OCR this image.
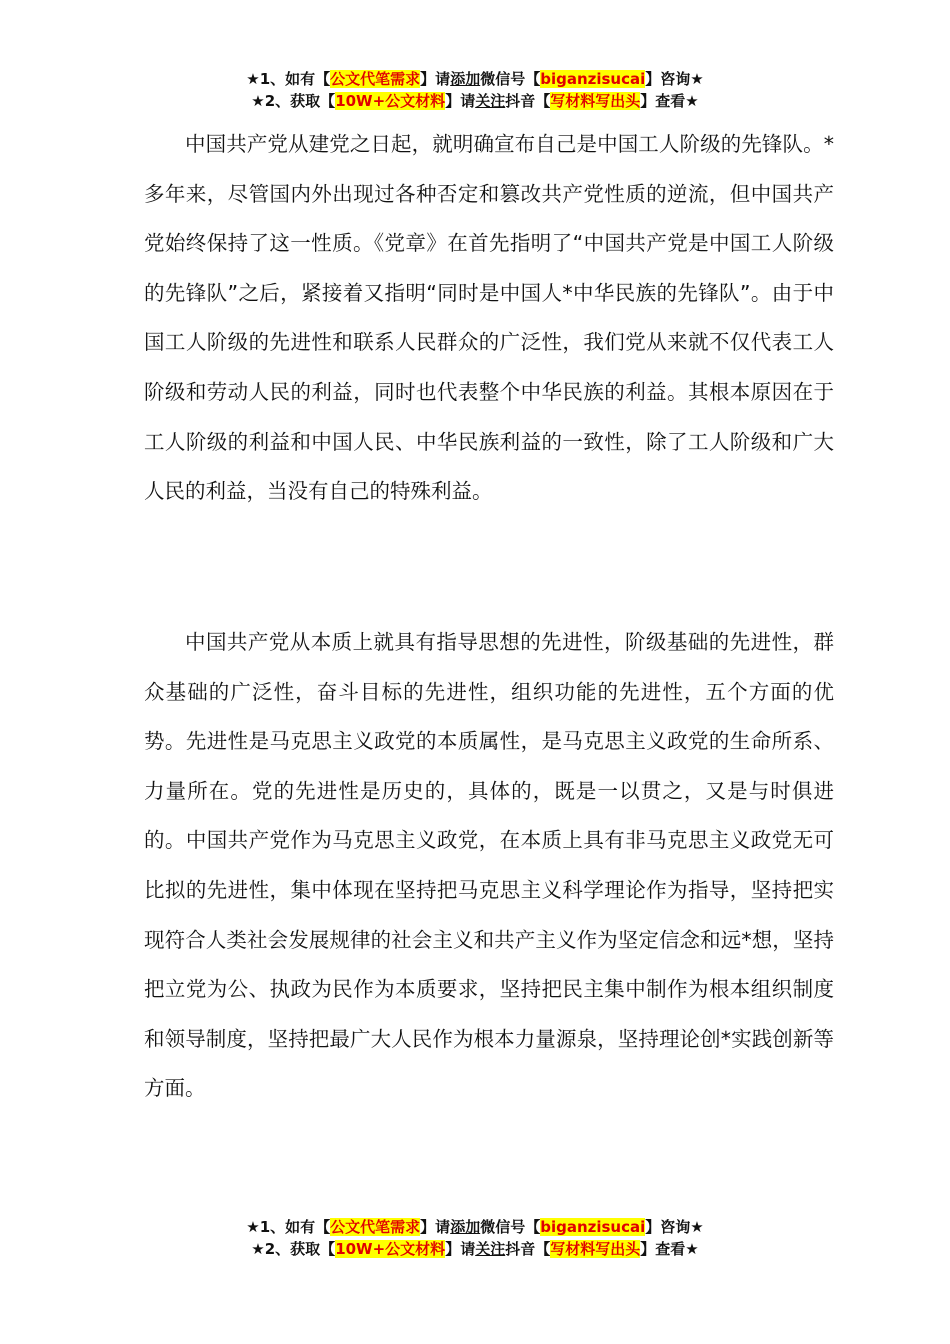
★1、如有【公文代笔需求】请添加微信号【biganzisucai】咨询★
★2、获取【10W+公文材料】请关注抖音【写材料写出头】查看★

中国共产党从建党之日起，就明确宣布自己是中国工人阶级的先锋队。*多年来，尽管国内外出现过各种否定和篡改共产党性质的逆流，但中国共产党始终保持了这一性质。《党章》在首先指明了“中国共产党是中国工人阶级的先锋队”之后，紧接着又指明“同时是中国人*中华民族的先锋队”。由于中国工人阶级的先进性和联系人民群众的广泛性，我们党从来就不仅代表工人阶级和劳动人民的利益，同时也代表整个中华民族的利益。其根本原因在于工人阶级的利益和中国人民、中华民族利益的一致性，除了工人阶级和广大人民的利益，当没有自己的特殊利益。

中国共产党从本质上就具有指导思想的先进性，阶级基础的先进性，群众基础的广泛性，奋斗目标的先进性，组织功能的先进性，五个方面的优势。先进性是马克思主义政党的本质属性，是马克思主义政党的生命所系、力量所在。党的先进性是历史的，具体的，既是一以贯之，又是与时俱进的。中国共产党作为马克思主义政党，在本质上具有非马克思主义政党无可比拟的先进性，集中体现在坚持把马克思主义科学理论作为指导，坚持把实现符合人类社会发展规律的社会主义和共产主义作为坚定信念和远*想，坚持把立党为公、执政为民作为本质要求，坚持把民主集中制作为根本组织制度和领导制度，坚持把最广大人民作为根本力量源泉，坚持理论创*实践创新等方面。

★1、如有【公文代笔需求】请添加微信号【biganzisucai】咨询★
★2、获取【10W+公文材料】请关注抖音【写材料写出头】查看★
